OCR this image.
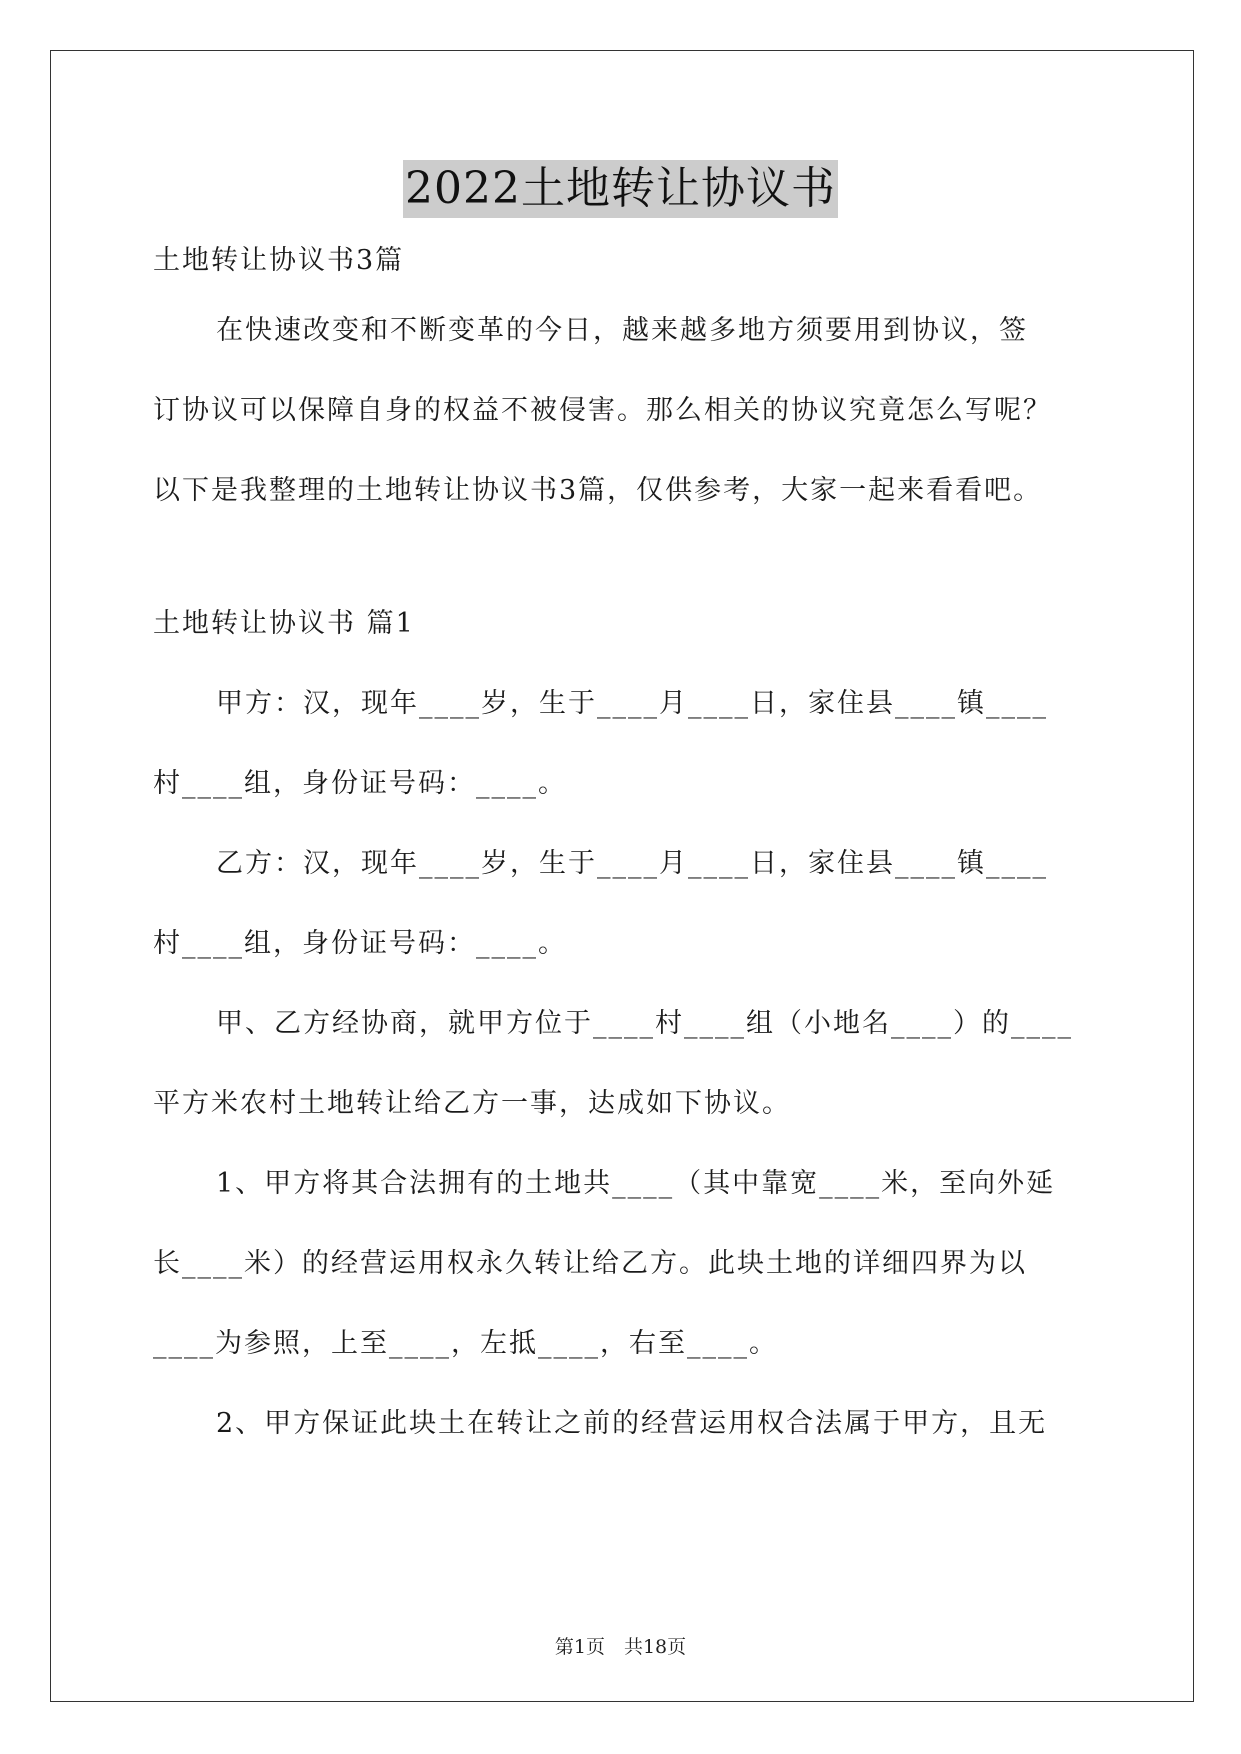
2022土地转让协议书
土地转让协议书3篇
在快速改变和不断变革的今日，越来越多地方须要用到协议，签
订协议可以保障自身的权益不被侵害。那么相关的协议究竟怎么写呢？
以下是我整理的土地转让协议书3篇，仅供参考，大家一起来看看吧。
土地转让协议书 篇1
甲方：汉，现年____岁，生于____月____日，家住县____镇____
村____组，身份证号码：____。
乙方：汉，现年____岁，生于____月____日，家住县____镇____
村____组，身份证号码：____。
甲、乙方经协商，就甲方位于____村____组（小地名____）的____
平方米农村土地转让给乙方一事，达成如下协议。
1、甲方将其合法拥有的土地共____（其中靠宽____米，至向外延
长____米）的经营运用权永久转让给乙方。此块土地的详细四界为以
____为参照，上至____，左抵____，右至____。
2、甲方保证此块土在转让之前的经营运用权合法属于甲方，且无
第1页　共18页
